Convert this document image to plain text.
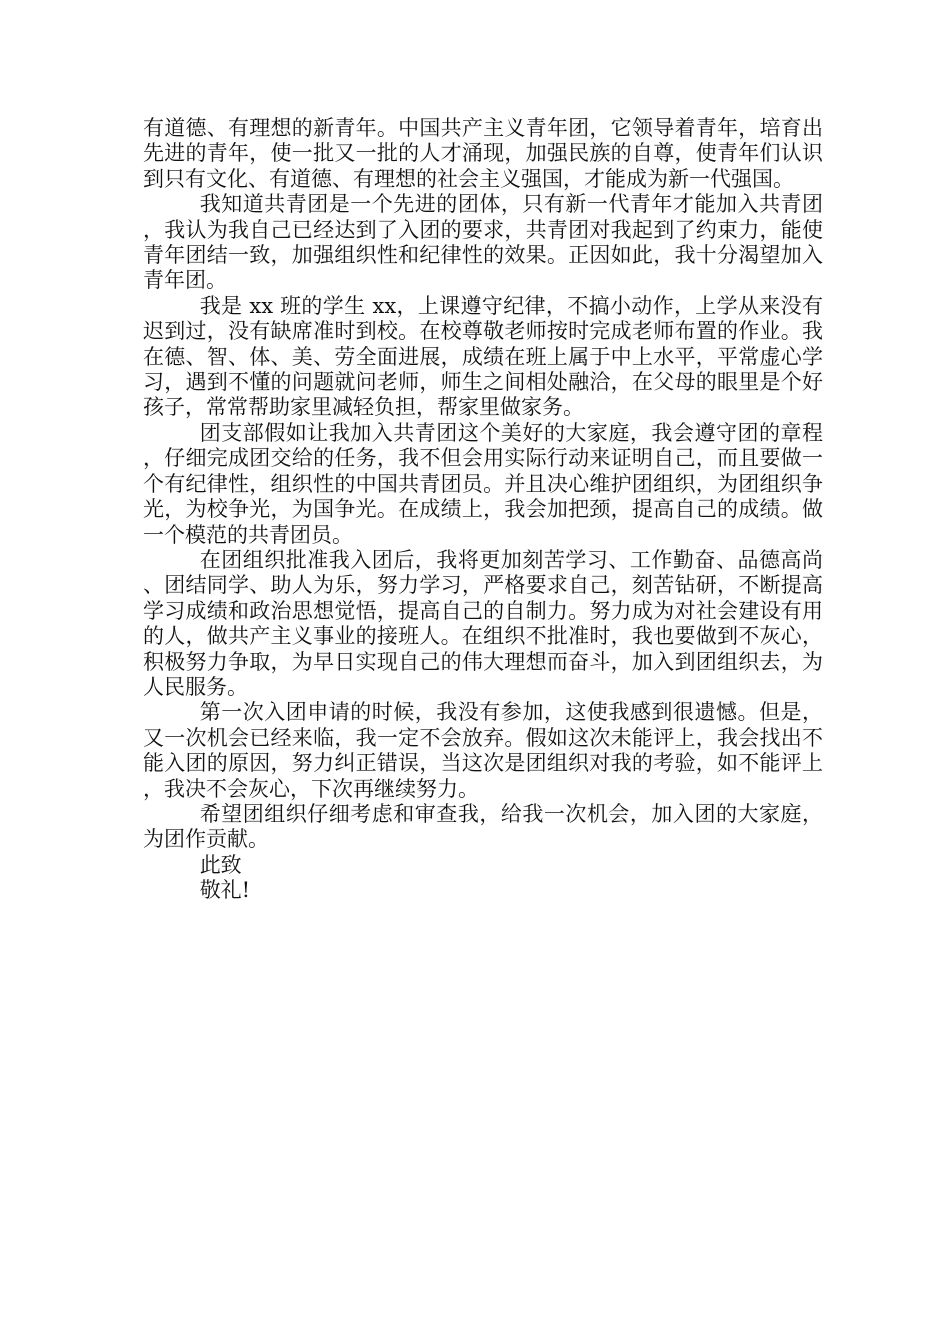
有道德、有理想的新青年。中国共产主义青年团，它领导着青年，培育出先进的青年，使一批又一批的人才涌现，加强民族的自尊，使青年们认识到只有文化、有道德、有理想的社会主义强国，才能成为新一代强国。

我知道共青团是一个先进的团体，只有新一代青年才能加入共青团，我认为我自己已经达到了入团的要求，共青团对我起到了约束力，能使青年团结一致，加强组织性和纪律性的效果。正因如此，我十分渴望加入青年团。

我是 xx 班的学生 xx，上课遵守纪律，不搞小动作，上学从来没有迟到过，没有缺席准时到校。在校尊敬老师按时完成老师布置的作业。我在德、智、体、美、劳全面进展，成绩在班上属于中上水平，平常虚心学习，遇到不懂的问题就问老师，师生之间相处融洽，在父母的眼里是个好孩子，常常帮助家里减轻负担，帮家里做家务。

团支部假如让我加入共青团这个美好的大家庭，我会遵守团的章程，仔细完成团交给的任务，我不但会用实际行动来证明自己，而且要做一个有纪律性，组织性的中国共青团员。并且决心维护团组织，为团组织争光，为校争光，为国争光。在成绩上，我会加把颈，提高自己的成绩。做一个模范的共青团员。

在团组织批准我入团后，我将更加刻苦学习、工作勤奋、品德高尚、团结同学、助人为乐，努力学习，严格要求自己，刻苦钻研，不断提高学习成绩和政治思想觉悟，提高自己的自制力。努力成为对社会建设有用的人，做共产主义事业的接班人。在组织不批准时，我也要做到不灰心，积极努力争取，为早日实现自己的伟大理想而奋斗，加入到团组织去，为人民服务。

第一次入团申请的时候，我没有参加，这使我感到很遗憾。但是，又一次机会已经来临，我一定不会放弃。假如这次未能评上，我会找出不能入团的原因，努力纠正错误，当这次是团组织对我的考验，如不能评上，我决不会灰心，下次再继续努力。

希望团组织仔细考虑和审查我，给我一次机会，加入团的大家庭，为团作贡献。

此致

敬礼!
